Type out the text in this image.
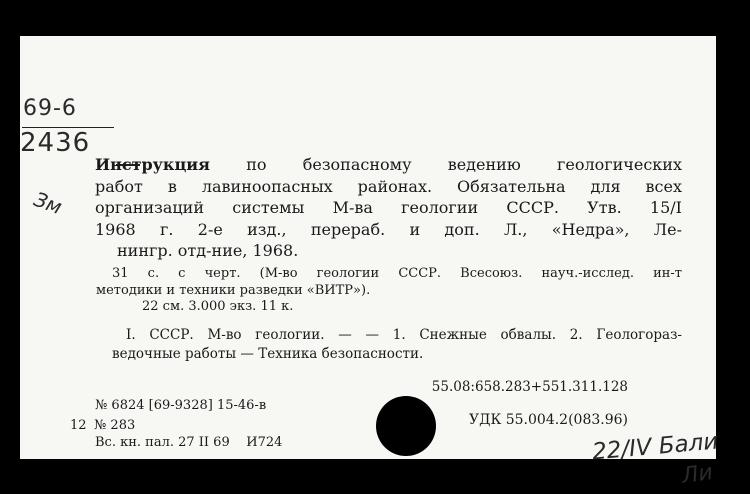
69-6
2436
Зм
Инструкция по безопасному ведению геологических
работ в лавиноопасных районах. Обязательна для всех
организаций системы М-ва геологии СССР. Утв. 15/I
1968 г. 2-е изд., перераб. и доп. Л., «Недра», Ле-
нингр. отд-ние, 1968.
31 с. с черт. (М-во геологии СССР. Всесоюз. науч.-исслед. ин-т
методики и техники разведки «ВИТР»).
22 см. 3.000 экз. 11 к.
I. СССР. М-во геологии. — — 1. Снежные обвалы. 2. Геологораз-
ведочные работы — Техника безопасности.
55.08:658.283+551.311.128
УДК 55.004.2(083.96)
№ 6824 [69-9328] 15-46-в
12 № 283
Вс. кн. пал. 27 II 69 И724	22/IV Бали
Ли
